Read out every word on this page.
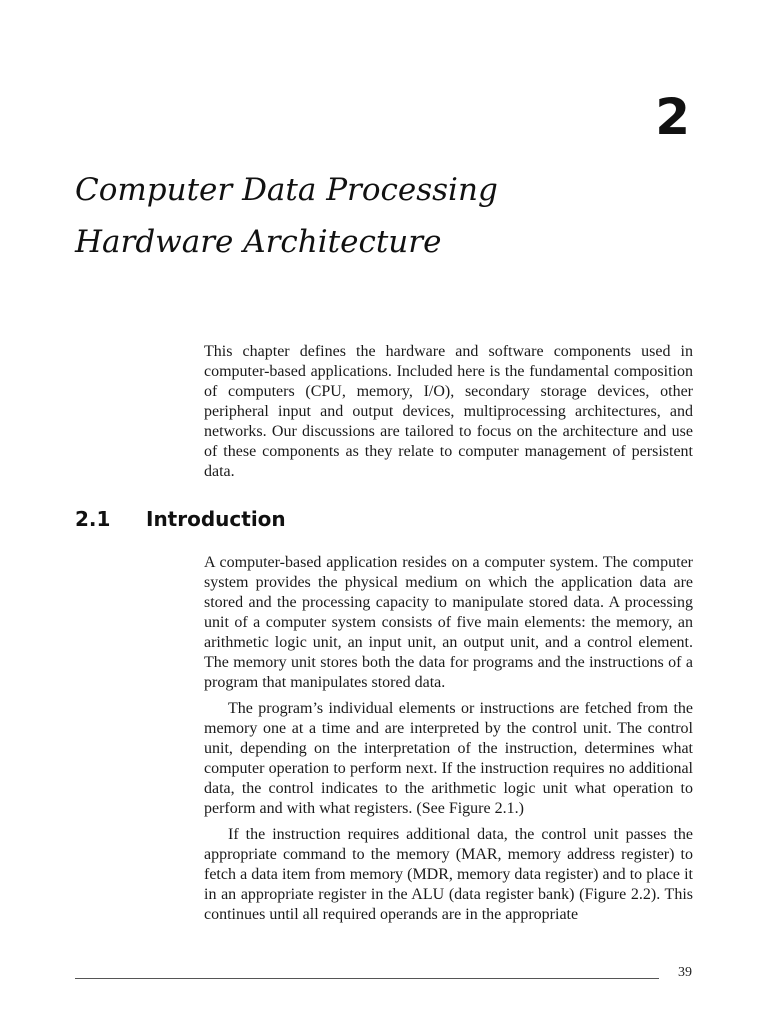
2
Computer Data Processing
Hardware Architecture

This chapter defines the hardware and software components used in computer-based applications. Included here is the fundamental composition of computers (CPU, memory, I/O), secondary storage devices, other peripheral input and output devices, multiprocessing architectures, and networks. Our discussions are tailored to focus on the architecture and use of these components as they relate to computer management of persistent data.

2.1 Introduction

A computer-based application resides on a computer system. The computer system provides the physical medium on which the application data are stored and the processing capacity to manipulate stored data. A processing unit of a computer system consists of five main elements: the memory, an arithmetic logic unit, an input unit, an output unit, and a control element. The memory unit stores both the data for programs and the instructions of a program that manipulates stored data.

The program’s individual elements or instructions are fetched from the memory one at a time and are interpreted by the control unit. The control unit, depending on the interpretation of the instruction, determines what computer operation to perform next. If the instruction requires no additional data, the control indicates to the arithmetic logic unit what operation to perform and with what registers. (See Figure 2.1.)

If the instruction requires additional data, the control unit passes the appropriate command to the memory (MAR, memory address register) to fetch a data item from memory (MDR, memory data register) and to place it in an appropriate register in the ALU (data register bank) (Figure 2.2). This continues until all required operands are in the appropriate

39
